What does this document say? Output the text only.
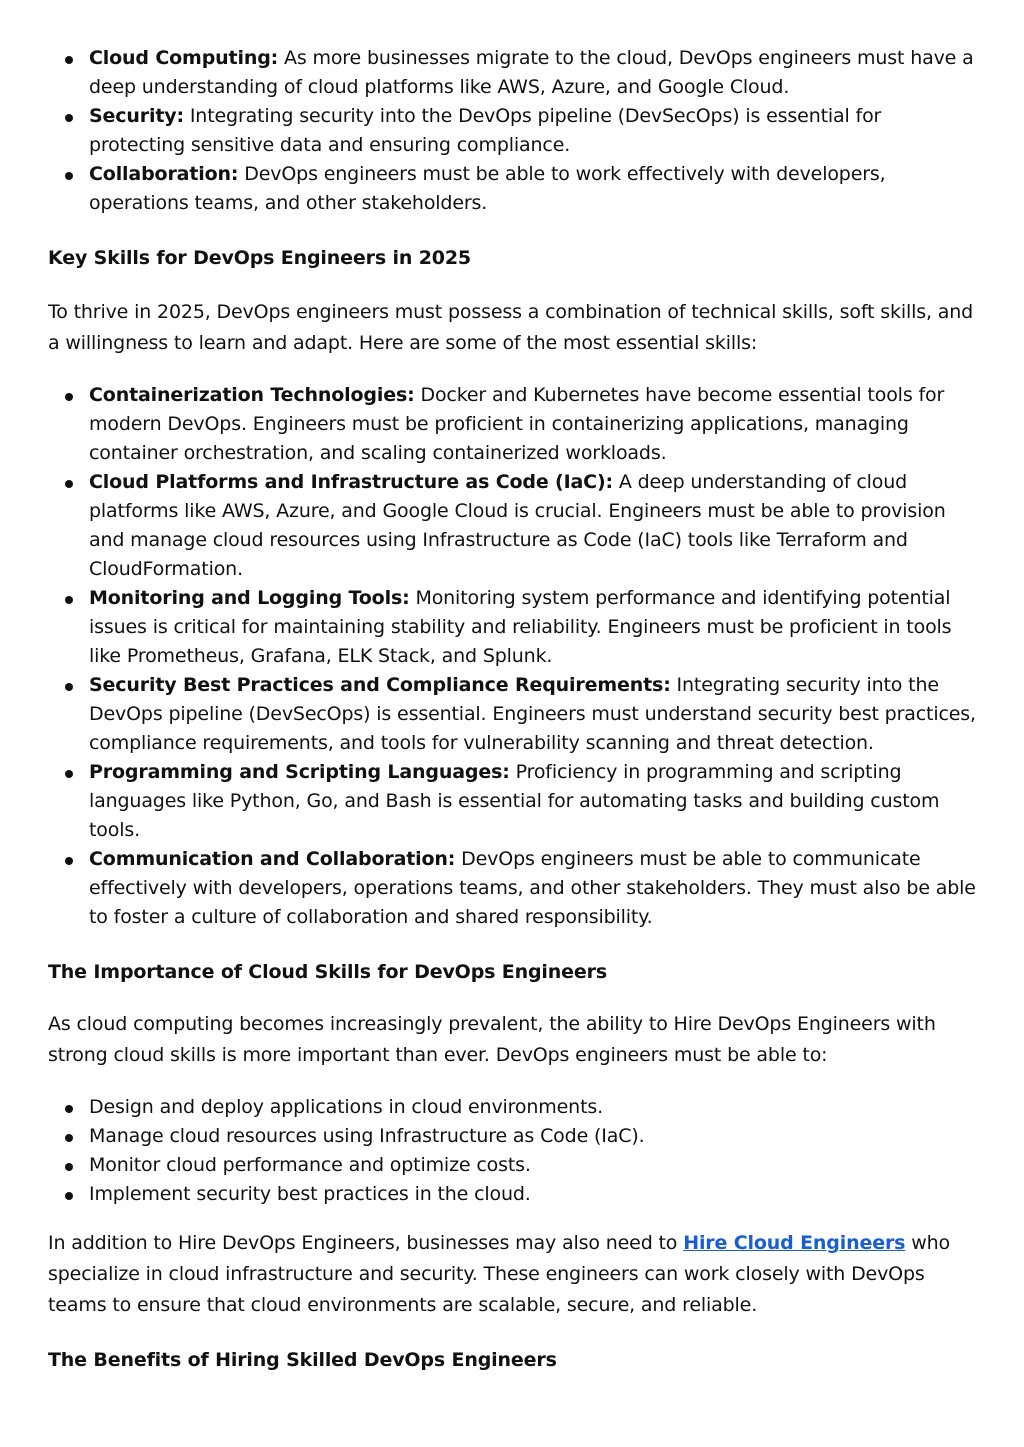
Cloud Computing: As more businesses migrate to the cloud, DevOps engineers must have a deep understanding of cloud platforms like AWS, Azure, and Google Cloud.
Security: Integrating security into the DevOps pipeline (DevSecOps) is essential for protecting sensitive data and ensuring compliance.
Collaboration: DevOps engineers must be able to work effectively with developers, operations teams, and other stakeholders.
Key Skills for DevOps Engineers in 2025

To thrive in 2025, DevOps engineers must possess a combination of technical skills, soft skills, and a willingness to learn and adapt. Here are some of the most essential skills:

Containerization Technologies: Docker and Kubernetes have become essential tools for modern DevOps. Engineers must be proficient in containerizing applications, managing container orchestration, and scaling containerized workloads.
Cloud Platforms and Infrastructure as Code (IaC): A deep understanding of cloud platforms like AWS, Azure, and Google Cloud is crucial. Engineers must be able to provision and manage cloud resources using Infrastructure as Code (IaC) tools like Terraform and CloudFormation.
Monitoring and Logging Tools: Monitoring system performance and identifying potential issues is critical for maintaining stability and reliability. Engineers must be proficient in tools like Prometheus, Grafana, ELK Stack, and Splunk.
Security Best Practices and Compliance Requirements: Integrating security into the DevOps pipeline (DevSecOps) is essential. Engineers must understand security best practices, compliance requirements, and tools for vulnerability scanning and threat detection.
Programming and Scripting Languages: Proficiency in programming and scripting languages like Python, Go, and Bash is essential for automating tasks and building custom tools.
Communication and Collaboration: DevOps engineers must be able to communicate effectively with developers, operations teams, and other stakeholders. They must also be able to foster a culture of collaboration and shared responsibility.
The Importance of Cloud Skills for DevOps Engineers

As cloud computing becomes increasingly prevalent, the ability to Hire DevOps Engineers with strong cloud skills is more important than ever. DevOps engineers must be able to:

Design and deploy applications in cloud environments.
Manage cloud resources using Infrastructure as Code (IaC).
Monitor cloud performance and optimize costs.
Implement security best practices in the cloud.

In addition to Hire DevOps Engineers, businesses may also need to Hire Cloud Engineers who specialize in cloud infrastructure and security. These engineers can work closely with DevOps teams to ensure that cloud environments are scalable, secure, and reliable.

The Benefits of Hiring Skilled DevOps Engineers
